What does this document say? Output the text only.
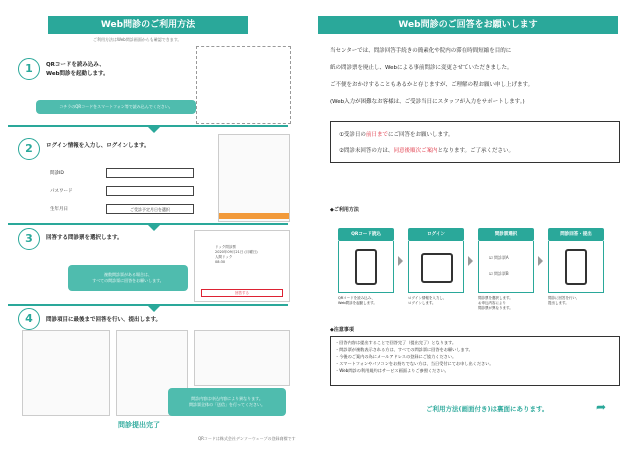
Web問診のご利用方法
ご利用方法はWeb問診画面からも確認できます。
1	QRコードを読み込み、
Web問診を起動します。
コチラのQRコードをスマートフォン等で読み込んでください。
2	ログイン情報を入力し、ログインします。
問診ID
パスワード
生年月日	ご受診予定月日を選択
3	回答する問診票を選択します。
複数問診票がある場合は、
すべての問診票に回答をお願いします。
ドック問診票
2020年09月21日 (月曜日)
人間ドック
08:30
回答する
4	問診項目に最後まで回答を行い、提出します。
問診内容は申込内容により異なります。
問診票全体の「送信」を行ってください。
問診提出完了
QRコードは株式会社デンソーウェーブの登録商標です
Web問診のご回答をお願いします
当センターでは、問診回答手続きの簡素化や院内の滞在時間短縮を目的に
紙の問診票を廃止し、Webによる事前問診に変更させていただきました。
ご不便をおかけすることもあるかと存じますが、ご理解の程お願い申し上げます。
(Web入力が困難なお客様は、ご受診当日にスタッフが入力をサポートします。)
①受診日の前日までにご回答をお願いします。
②問診未回答の方は、同意後順次ご案内となります。ご了承ください。
◆ご利用方法
QRコード読込
QRコードを読み込み、
Web問診を起動します。
ログイン
ログイン情報を入力し、
ログインします。
問診票選択
☑ 問診票A
☑ 問診票B
問診票を選択します。
お申込内容により
問診票が異なります。
問診回答・提出
問診に回答を行い、
提出します。
◆注意事項
・回答内容は提出することで回答完了（提出完了）となります。
・問診票が複数表示される方は、すべての問診票に回答をお願いします。
・今後のご案内の為にメールアドレスの登録にご協力ください。
・スマートフォンやパソコンをお持ちでない方は、当日受付にてお申し出ください。
・Web問診の利用規約はサービス画面よりご参照ください。
ご利用方法(画面付き)は裏面にあります。	➦
